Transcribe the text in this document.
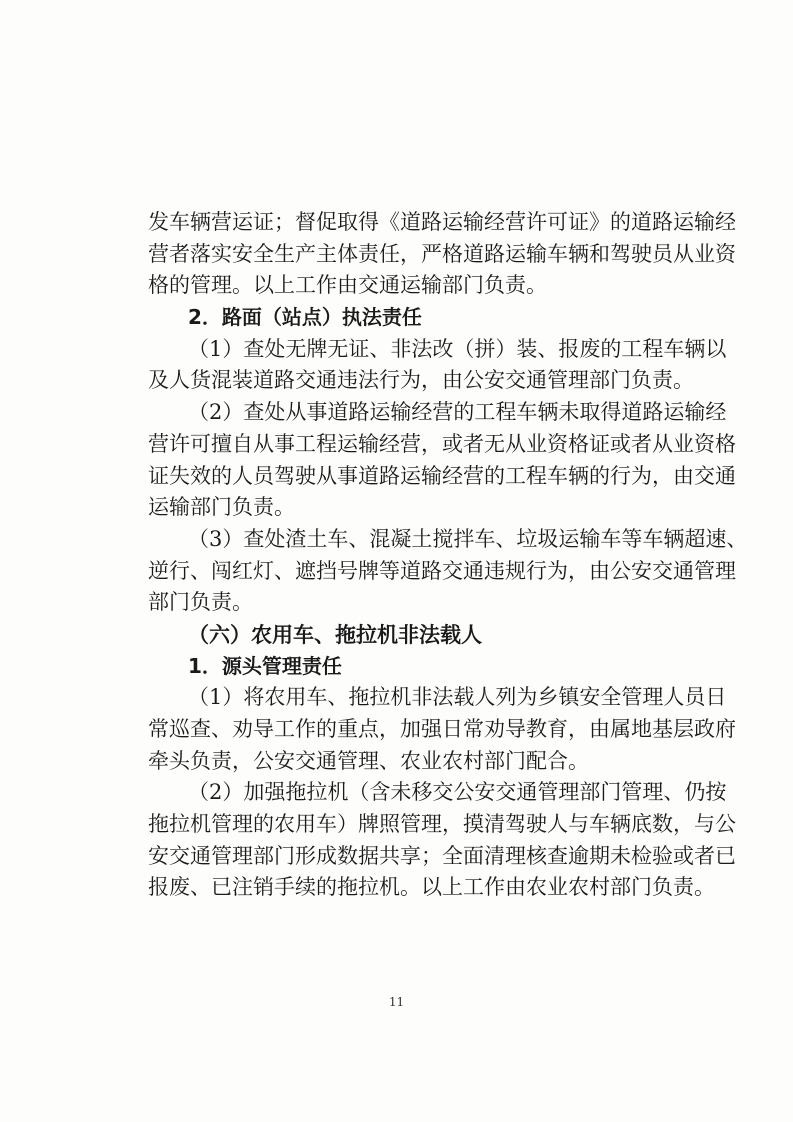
发车辆营运证；督促取得《道路运输经营许可证》的道路运输经
营者落实安全生产主体责任，严格道路运输车辆和驾驶员从业资
格的管理。以上工作由交通运输部门负责。
2．路面（站点）执法责任
（1）查处无牌无证、非法改（拼）装、报废的工程车辆以
及人货混装道路交通违法行为，由公安交通管理部门负责。
（2）查处从事道路运输经营的工程车辆未取得道路运输经
营许可擅自从事工程运输经营，或者无从业资格证或者从业资格
证失效的人员驾驶从事道路运输经营的工程车辆的行为，由交通
运输部门负责。
（3）查处渣土车、混凝土搅拌车、垃圾运输车等车辆超速、
逆行、闯红灯、遮挡号牌等道路交通违规行为，由公安交通管理
部门负责。
（六）农用车、拖拉机非法载人
1．源头管理责任
（1）将农用车、拖拉机非法载人列为乡镇安全管理人员日
常巡查、劝导工作的重点，加强日常劝导教育，由属地基层政府
牵头负责，公安交通管理、农业农村部门配合。
（2）加强拖拉机（含未移交公安交通管理部门管理、仍按
拖拉机管理的农用车）牌照管理，摸清驾驶人与车辆底数，与公
安交通管理部门形成数据共享；全面清理核查逾期未检验或者已
报废、已注销手续的拖拉机。以上工作由农业农村部门负责。
11
